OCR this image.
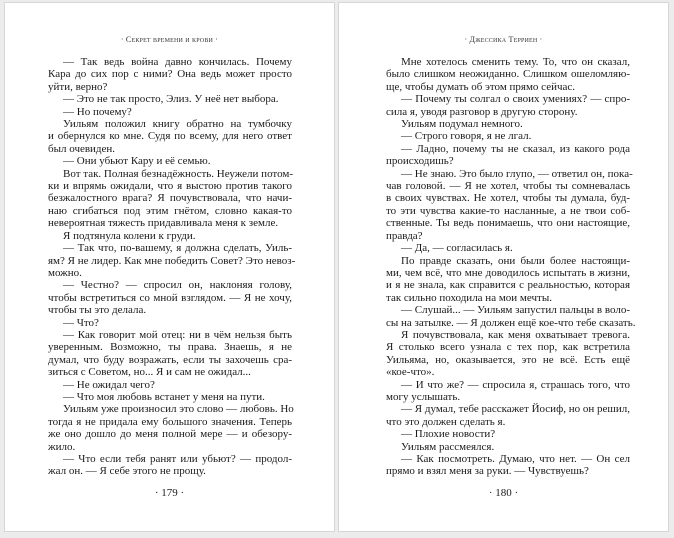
· Секрет времени и крови ·
— Так ведь война давно кончилась. Почему
Кара до сих пор с ними? Она ведь может просто
уйти, верно?
— Это не так просто, Элиз. У неё нет выбора.
— Но почему?
Уильям положил книгу обратно на тумбочку
и обернулся ко мне. Судя по всему, для него ответ
был очевиден.
— Они убьют Кару и её семью.
Вот так. Полная безнадёжность. Неужели потом-
ки и впрямь ожидали, что я выстою против такого
безжалостного врага? Я почувствовала, что начи-
наю сгибаться под этим гнётом, словно какая-то
невероятная тяжесть придавливала меня к земле.
Я подтянула колени к груди.
— Так что, по-вашему, я должна сделать, Уиль-
ям? Я не лидер. Как мне победить Совет? Это невоз-
можно.
— Честно? — спросил он, наклоняя голову,
чтобы встретиться со мной взглядом. — Я не хочу,
чтобы ты это делала.
— Что?
— Как говорит мой отец: ни в чём нельзя быть
уверенным. Возможно, ты права. Знаешь, я не
думал, что буду возражать, если ты захочешь сра-
зиться с Советом, но... Я и сам не ожидал...
— Не ожидал чего?
— Что моя любовь встанет у меня на пути.
Уильям уже произносил это слово — любовь. Но
тогда я не придала ему большого значения. Теперь
же оно дошло до меня полной мере — и обезору-
жило.
— Что если тебя ранят или убьют? — продол-
жал он. — Я себе этого не прощу.
· 179 ·
· Джессика Терриен ·
Мне хотелось сменить тему. То, что он сказал,
было слишком неожиданно. Слишком ошеломляю-
ще, чтобы думать об этом прямо сейчас.
— Почему ты солгал о своих умениях? — спро-
сила я, уводя разговор в другую сторону.
Уильям подумал немного.
— Строго говоря, я не лгал.
— Ладно, почему ты не сказал, из какого рода
происходишь?
— Не знаю. Это было глупо, — ответил он, пока-
чав головой. — Я не хотел, чтобы ты сомневалась
в своих чувствах. Не хотел, чтобы ты думала, буд-
то эти чувства какие-то насланные, а не твои соб-
ственные. Ты ведь понимаешь, что они настоящие,
правда?
— Да, — согласилась я.
По правде сказать, они были более настоящи-
ми, чем всё, что мне доводилось испытать в жизни,
и я не знала, как справится с реальностью, которая
так сильно походила на мои мечты.
— Слушай... — Уильям запустил пальцы в воло-
сы на затылке. — Я должен ещё кое-что тебе сказать.
Я почувствовала, как меня охватывает тревога.
Я столько всего узнала с тех пор, как встретила
Уильяма, но, оказывается, это не всё. Есть ещё
«кое-что».
— И что же? — спросила я, страшась того, что
могу услышать.
— Я думал, тебе расскажет Йосиф, но он решил,
что это должен сделать я.
— Плохие новости?
Уильям рассмеялся.
— Как посмотреть. Думаю, что нет. — Он сел
прямо и взял меня за руки. — Чувствуешь?
· 180 ·
